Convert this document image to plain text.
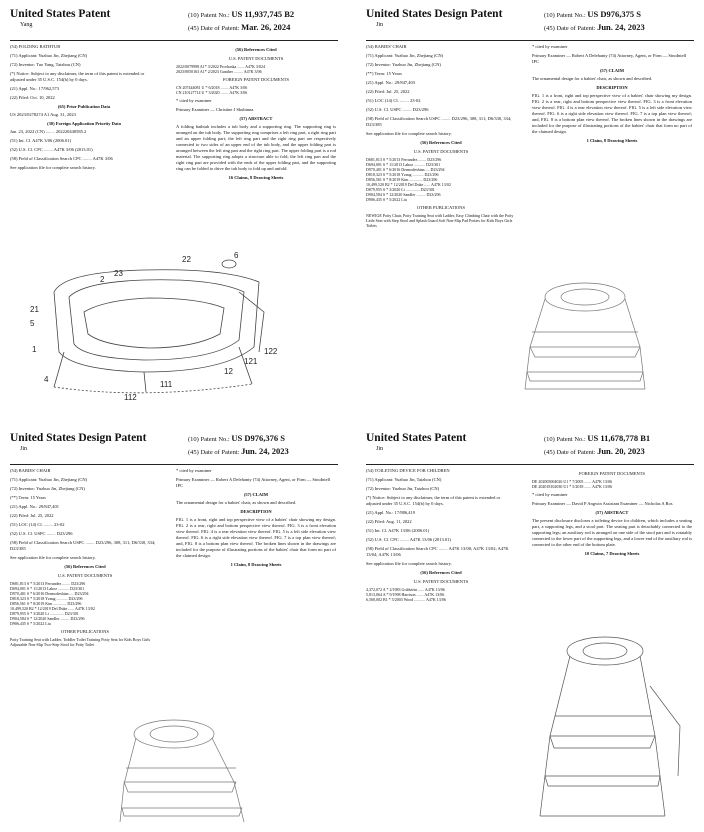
United States Patent
Yang
(10) Patent No.: US 11,937,745 B2
(45) Date of Patent: Mar. 26, 2024
(54) FOLDING BATHTUB
(71) Applicant: Yuzhuo Jin, Zhejiang (CN)
(72) Inventor: Tuo Yang, Taizhou (CN)
(*) Notice: Subject to any disclaimer, the term of this patent is extended or adjusted under 35 U.S.C. 154(b) by 0 days.
(21) Appl. No.: 17/962,573
(22) Filed: Oct. 10, 2022
(65) Prior Publication Data
US 2023/0278274 A1 Aug. 31, 2023
(30) Foreign Application Priority Data
Jun. 23, 2022 (CN) ........ 202220440585.2
(51) Int. Cl. A47K 3/06 (2006.01)
(52) U.S. Cl. CPC ........ A47K 3/06 (2013.01)
(58) Field of Classification Search CPC ........ A47K 3/06
See application file for complete search history.
(56) References Cited
U.S. PATENT DOCUMENTS
2022/0079998 A1* 3/2022 Prochaska ....... A47K 3/024
2023/0050163 A1* 2/2023 Gunther ......... A47K 3/06
FOREIGN PATENT DOCUMENTS
CN 207444081 U * 6/2018 ........ A47K 3/06
CN 210127714 U * 3/2020 ........ A47K 3/06
* cited by examiner
Primary Examiner — Christine J Skubinna
(57) ABSTRACT
A folding bathtub includes a tub body and a supporting ring. The supporting ring is arranged on the tub body. The supporting ring comprises a left ring part, a right ring part and an upper folding part; the left ring part and the right ring part are respectively connected to two sides of an upper end of the tub body, and the upper folding part is arranged between the left ring part and the right ring part. The upper folding part is a rod material. The supporting ring adopts a structure able to fold; the left ring part and the right ring part are provided with the ends of the upper folding part, and the supporting ring can be folded to drive the tub body to fold up and unfold.
16 Claims, 8 Drawing Sheets
22	6
23
2
21
5
1	122
121
12
111
112
4
United States Design Patent
Jin
(10) Patent No.: US D976,375 S
(45) Date of Patent: Jun. 24, 2023
(54) BABIES' CHAIR
(71) Applicant: Yuzhuo Jin, Zhejiang (CN)
(72) Inventor: Yuzhuo Jin, Zhejiang (CN)
(**) Term: 15 Years
(21) Appl. No.: 29/847,403
(22) Filed: Jul. 25, 2022
(51) LOC (14) Cl. ........ 23-02
(52) U.S. Cl. USPC ........ D23/296
(58) Field of Classification Search USPC ........ D23/296, 308, 311; D6/330, 334; D23/385
See application file for complete search history.
(56) References Cited
U.S. PATENT DOCUMENTS
D681,813 S * 5/2013 Ferrandez ........ D23/296
D694,001 S * 11/2013 Lahoz ........... D23/301
D970,401 S * 6/2016 Dermodeshian .... D23/294
D818,323 S * 5/2018 Yzaug ........... D23/296
D856,561 S * 8/2019 Kim ............. D23/296
10,499,520 B2 * 12/2019 Del Duke ...... A47K 13/02
D879,955 S * 3/2020 Li .............. D23/301
D904,584 S * 12/2020 Sandler ......... D23/296
D906,435 S * 5/2022 Liu
OTHER PUBLICATIONS
NEWIGE Potty Chair, Potty Training Seat with Ladder, Easy Climbing Chair with the Potty Little Seat with Step Stool and Splash Guard Soft Non-Slip Pad Potties for Kids Boys Girls Toilets
* cited by examiner
Primary Examiner — Robert A Delehanty (74) Attorney, Agent, or Firm — SinoIntell IPC
(57) CLAIM
The ornamental design for a babies' chair, as shown and described.
DESCRIPTION
FIG. 1 is a front, right and top perspective view of a babies' chair showing my design. FIG. 2 is a rear, right and bottom perspective view thereof. FIG. 3 is a front elevation view thereof. FIG. 4 is a rear elevation view thereof. FIG. 5 is a left side elevation view thereof. FIG. 6 is a right side elevation view thereof. FIG. 7 is a top plan view thereof; and, FIG. 8 is a bottom plan view thereof. The broken lines shown in the drawings are included for the purpose of illustrating portions of the babies' chair that form no part of the claimed design.
1 Claim, 8 Drawing Sheets
United States Design Patent
Jin
(10) Patent No.: US D976,376 S
(45) Date of Patent: Jun. 24, 2023
(54) BABIES' CHAIR
(71) Applicant: Yuzhuo Jin, Zhejiang (CN)
(72) Inventor: Yuzhuo Jin, Zhejiang (CN)
(**) Term: 15 Years
(21) Appl. No.: 29/847,401
(22) Filed: Jul. 25, 2022
(51) LOC (14) Cl. ........ 23-02
(52) U.S. Cl. USPC ........ D23/296
(58) Field of Classification Search USPC ........ D23/296, 308, 311; D6/330, 334; D23/385
See application file for complete search history.
(56) References Cited
U.S. PATENT DOCUMENTS
D681,813 S * 5/2013 Ferrandez ........ D23/296
D694,001 S * 11/2013 Lahoz ........... D23/301
D970,401 S * 6/2016 Dermodeshian .... D23/294
D818,323 S * 5/2018 Yzaug ........... D23/296
D856,561 S * 8/2019 Kim ............. D23/296
10,499,520 B2 * 12/2019 Del Duke ...... A47K 13/02
D879,955 S * 3/2020 Li .............. D23/301
D904,584 S * 12/2020 Sandler ......... D23/296
D906,435 S * 5/2022 Liu
OTHER PUBLICATIONS
Potty Training Seat with Ladder, Toddler Toilet Training Potty Seat for Kids Boys Girls Adjustable Non-Slip Two-Step Stool for Potty Toilet
* cited by examiner
Primary Examiner — Robert A Delehanty (74) Attorney, Agent, or Firm — SinoIntell IPC
(57) CLAIM
The ornamental design for a babies' chair, as shown and described.
DESCRIPTION
FIG. 1 is a front, right and top perspective view of a babies' chair showing my design. FIG. 2 is a rear, right and bottom perspective view thereof. FIG. 3 is a front elevation view thereof. FIG. 4 is a rear elevation view thereof. FIG. 5 is a left side elevation view thereof. FIG. 6 is a right side elevation view thereof. FIG. 7 is a top plan view thereof; and, FIG. 8 is a bottom plan view thereof. The broken lines shown in the drawings are included for the purpose of illustrating portions of the babies' chair that form no part of the claimed design.
1 Claim, 8 Drawing Sheets
United States Patent
Jin
(10) Patent No.: US 11,678,778 B1
(45) Date of Patent: Jun. 20, 2023
(54) TOILETING DEVICE FOR CHILDREN
(71) Applicant: Yuzhuo Jin, Taizhou (CN)
(72) Inventor: Yuzhuo Jin, Taizhou (CN)
(*) Notice: Subject to any disclaimer, the term of this patent is extended or adjusted under 35 U.S.C. 154(b) by 0 days.
(21) Appl. No.: 17/886,419
(22) Filed: Aug. 11, 2022
(51) Int. Cl. A47K 13/06 (2006.01)
(52) U.S. Cl. CPC ........ A47K 13/06 (2013.01)
(58) Field of Classification Search CPC ........ A47K 13/00; A47K 13/02; A47K 13/04; A47K 13/06
See application file for complete search history.
(56) References Cited
U.S. PATENT DOCUMENTS
4,372,072 A * 2/1983 Goldstein ...... A47K 13/06
5,813,064 A * 9/1998 Harrison ....... A47K 13/06
6,568,002 B1 * 5/2003 Wood ........... A47K 13/06
FOREIGN PATENT DOCUMENTS
DE 202005004026 U1 * 7/2005 ....... A47K 13/06
DE 202018102030 U1 * 5/2018 ....... A47K 13/06
* cited by examiner
Primary Examiner — David P Angwin Assistant Examiner — Nicholas A Ros
(57) ABSTRACT
The present disclosure discloses a toileting device for children, which includes a seating part, a supporting legs, and a stool part. The seating part is detachably connected to the supporting legs; an auxiliary rod is arranged on one side of the stool part and is rotatably connected to the lower part of the supporting legs, and a lower end of the auxiliary rod is connected to the other end of the bottom plate.
10 Claims, 7 Drawing Sheets
